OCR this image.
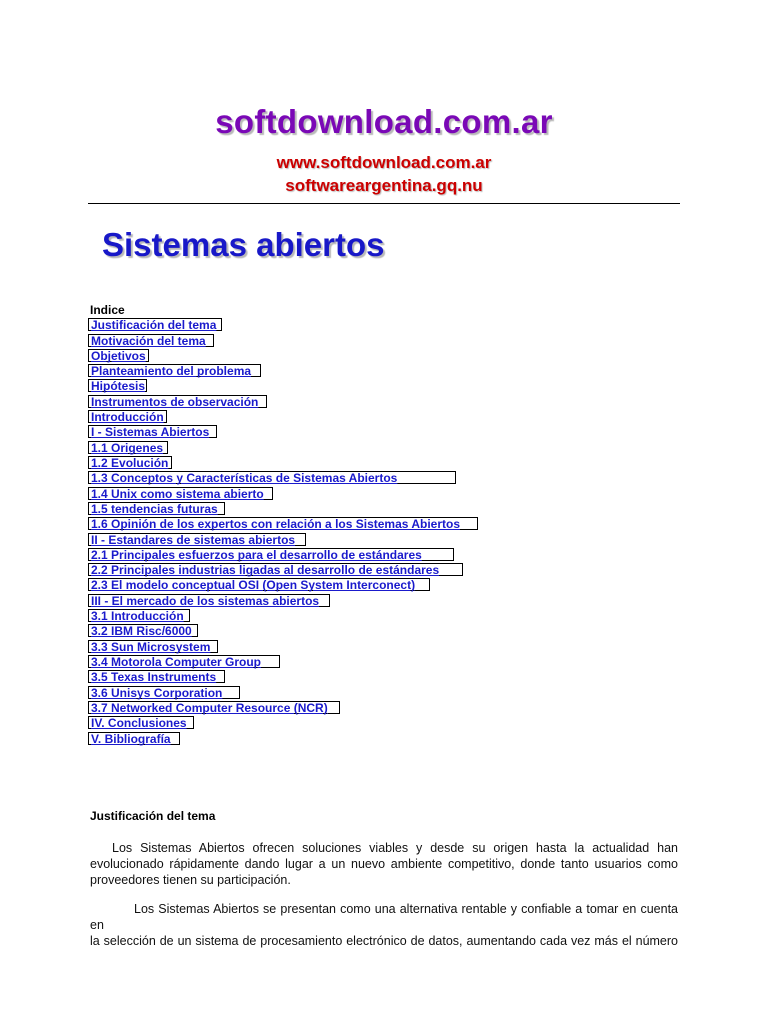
softdownload.com.ar
www.softdownload.com.ar
softwareargentina.gq.nu
Sistemas abiertos
Indice
Justificación del tema
Motivación del tema
Objetivos
Planteamiento del problema
Hipótesis
Instrumentos de observación
Introducción
I - Sistemas Abiertos
1.1 Origenes
1.2 Evolución
1.3 Conceptos y Características de Sistemas Abiertos
1.4 Unix como sistema abierto
1.5 tendencias futuras
1.6 Opinión de los expertos con relación a los Sistemas Abiertos
II - Estandares de sistemas abiertos
2.1 Principales esfuerzos para el desarrollo de estándares
2.2 Principales industrias ligadas al desarrollo de estándares
2.3 El modelo conceptual OSI (Open System Interconect)
III - El mercado de los sistemas abiertos
3.1 Introducción
3.2 IBM Risc/6000
3.3 Sun Microsystem
3.4 Motorola Computer Group
3.5 Texas Instruments
3.6 Unisys Corporation
3.7 Networked Computer Resource (NCR)
IV. Conclusiones
V. Bibliografía
Justificación del tema
Los Sistemas Abiertos ofrecen soluciones viables y desde su origen hasta la actualidad han
evolucionado rápidamente dando lugar a un nuevo ambiente competitivo, donde tanto usuarios como
proveedores tienen su participación.
Los Sistemas Abiertos se presentan como una alternativa rentable y confiable a tomar en cuenta en
la selección de un sistema de procesamiento electrónico de datos, aumentando cada vez más el número
